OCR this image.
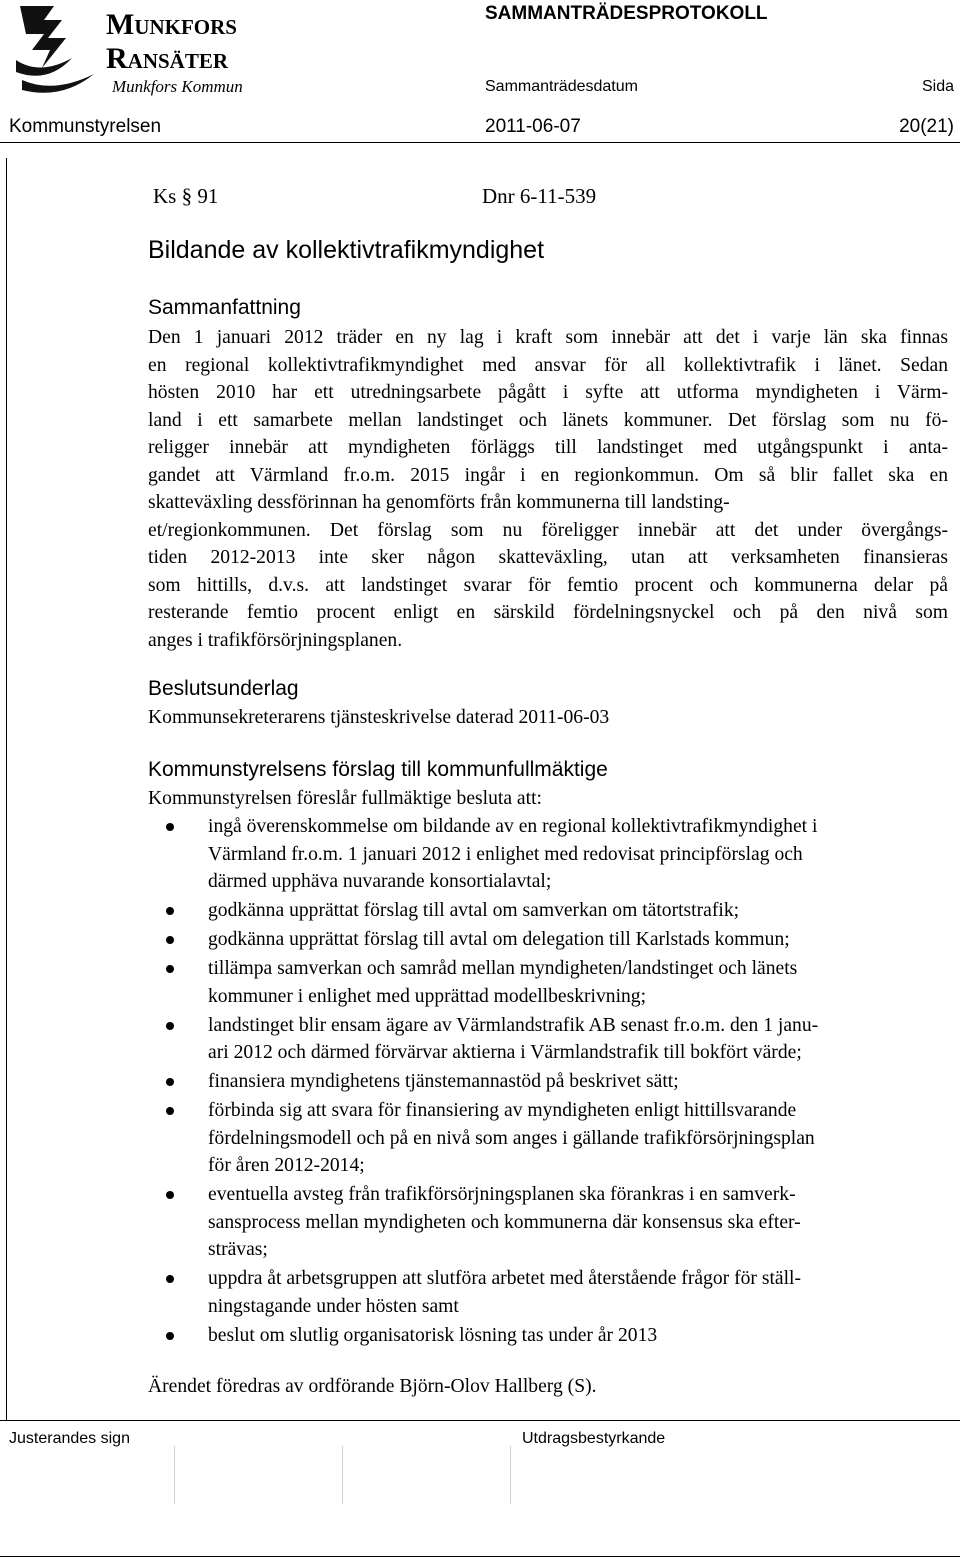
Munkfors
Ransäter
Munkfors Kommun
SAMMANTRÄDESPROTOKOLL
Sammanträdesdatum	Sida
Kommunstyrelsen	2011-06-07	20(21)
Ks § 91	Dnr 6-11-539
Bildande av kollektivtrafikmyndighet
Sammanfattning
Den 1 januari 2012 träder en ny lag i kraft som innebär att det i varje län ska finnas
en regional kollektivtrafikmyndighet med ansvar för all kollektivtrafik i länet. Sedan
hösten 2010 har ett utredningsarbete pågått i syfte att utforma myndigheten i Värm-
land i ett samarbete mellan landstinget och länets kommuner. Det förslag som nu fö-
religger innebär att myndigheten förläggs till landstinget med utgångspunkt i anta-
gandet att Värmland fr.o.m. 2015 ingår i en regionkommun. Om så blir fallet ska en
skatteväxling dessförinnan ha genomförts från kommunerna till landsting-
et/regionkommunen. Det förslag som nu föreligger innebär att det under övergångs-
tiden 2012-2013 inte sker någon skatteväxling, utan att verksamheten finansieras
som hittills, d.v.s. att landstinget svarar för femtio procent och kommunerna delar på
resterande femtio procent enligt en särskild fördelningsnyckel och på den nivå som
anges i trafikförsörjningsplanen.
Beslutsunderlag
Kommunsekreterarens tjänsteskrivelse daterad 2011-06-03
Kommunstyrelsens förslag till kommunfullmäktige
Kommunstyrelsen föreslår fullmäktige besluta att:
ingå överenskommelse om bildande av en regional kollektivtrafikmyndighet i
Värmland fr.o.m. 1 januari 2012 i enlighet med redovisat principförslag och
därmed upphäva nuvarande konsortialavtal;
godkänna upprättat förslag till avtal om samverkan om tätortstrafik;
godkänna upprättat förslag till avtal om delegation till Karlstads kommun;
tillämpa samverkan och samråd mellan myndigheten/landstinget och länets
kommuner i enlighet med upprättad modellbeskrivning;
landstinget blir ensam ägare av Värmlandstrafik AB senast fr.o.m. den 1 janu-
ari 2012 och därmed förvärvar aktierna i Värmlandstrafik till bokfört värde;
finansiera myndighetens tjänstemannastöd på beskrivet sätt;
förbinda sig att svara för finansiering av myndigheten enligt hittillsvarande
fördelningsmodell och på en nivå som anges i gällande trafikförsörjningsplan
för åren 2012-2014;
eventuella avsteg från trafikförsörjningsplanen ska förankras i en samverk-
sansprocess mellan myndigheten och kommunerna där konsensus ska efter-
strävas;
uppdra åt arbetsgruppen att slutföra arbetet med återstående frågor för ställ-
ningstagande under hösten samt
beslut om slutlig organisatorisk lösning tas under år 2013
Ärendet föredras av ordförande Björn-Olov Hallberg (S).
Justerandes sign	Utdragsbestyrkande
